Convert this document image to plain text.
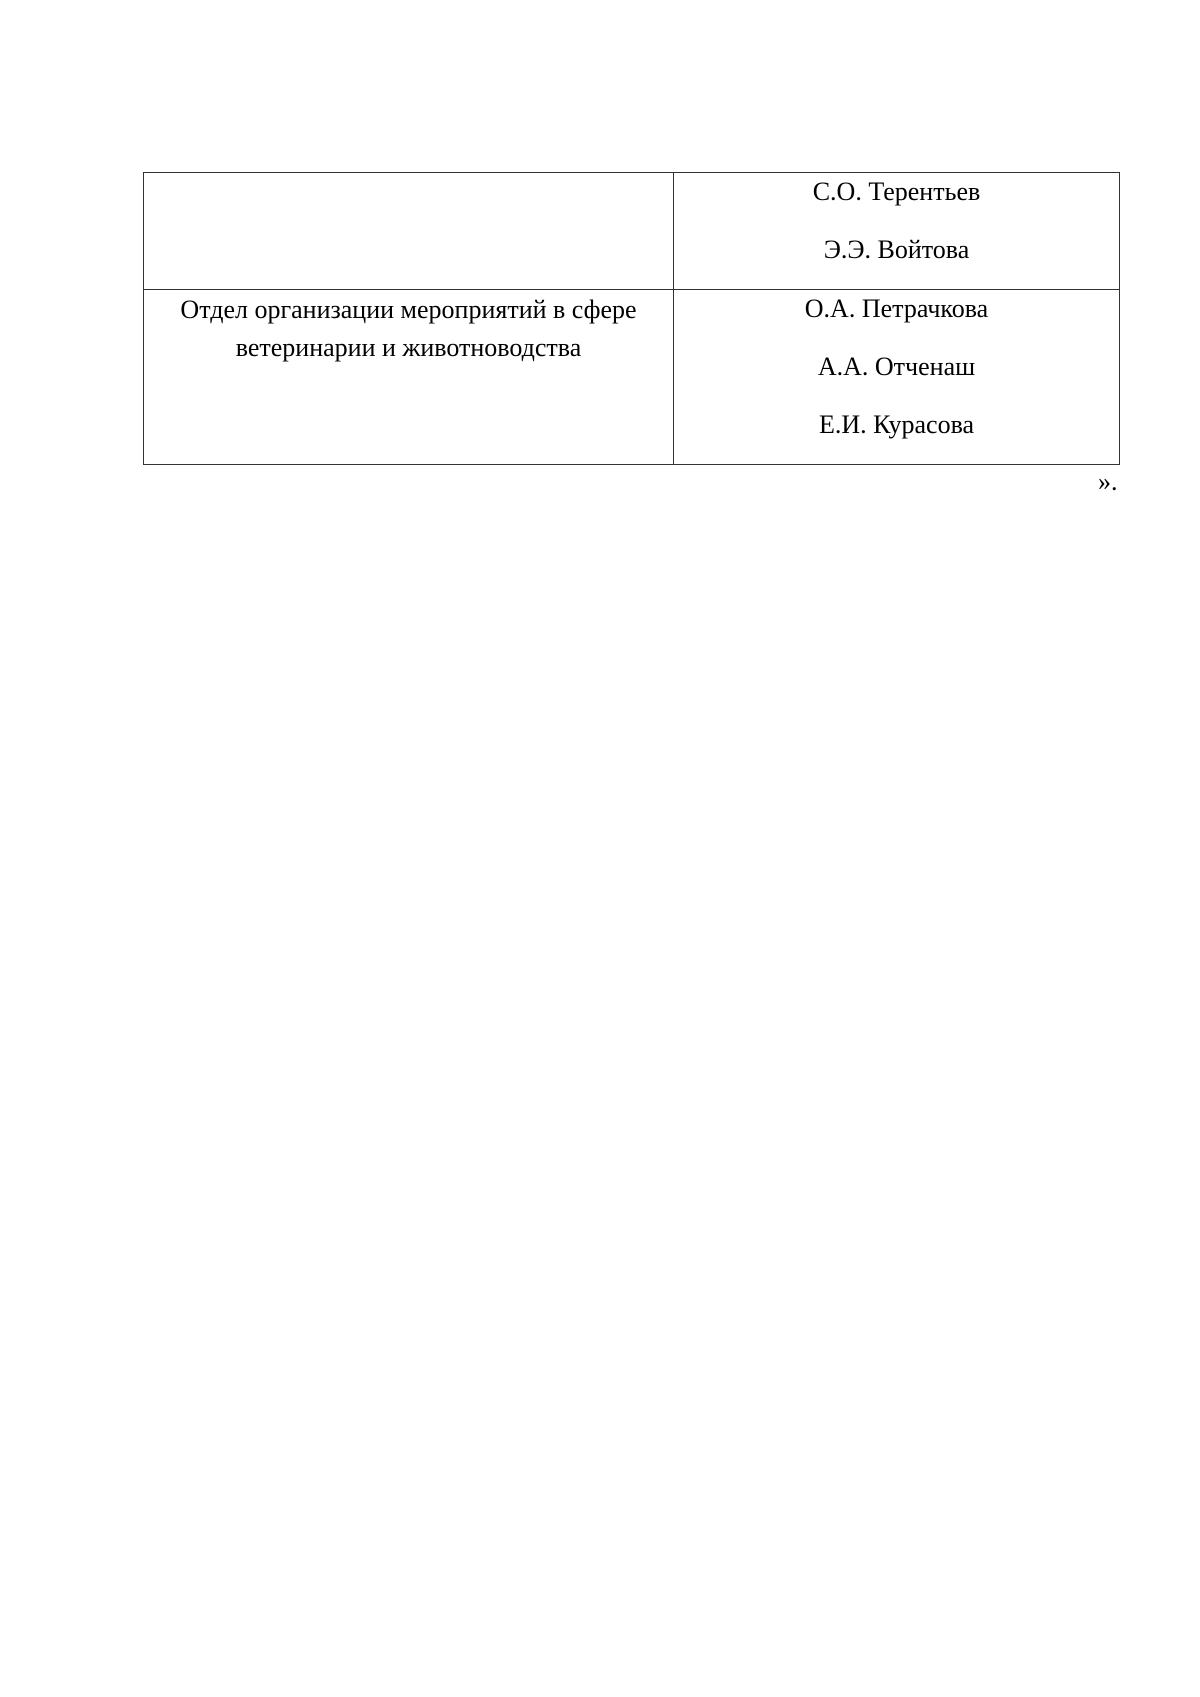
	С.О. Терентьев
Э.Э. Войтова

Отдел организации мероприятий в сфере ветеринарии и животноводства	О.А. Петрачкова
А.А. Отченаш
Е.И. Курасова
».
